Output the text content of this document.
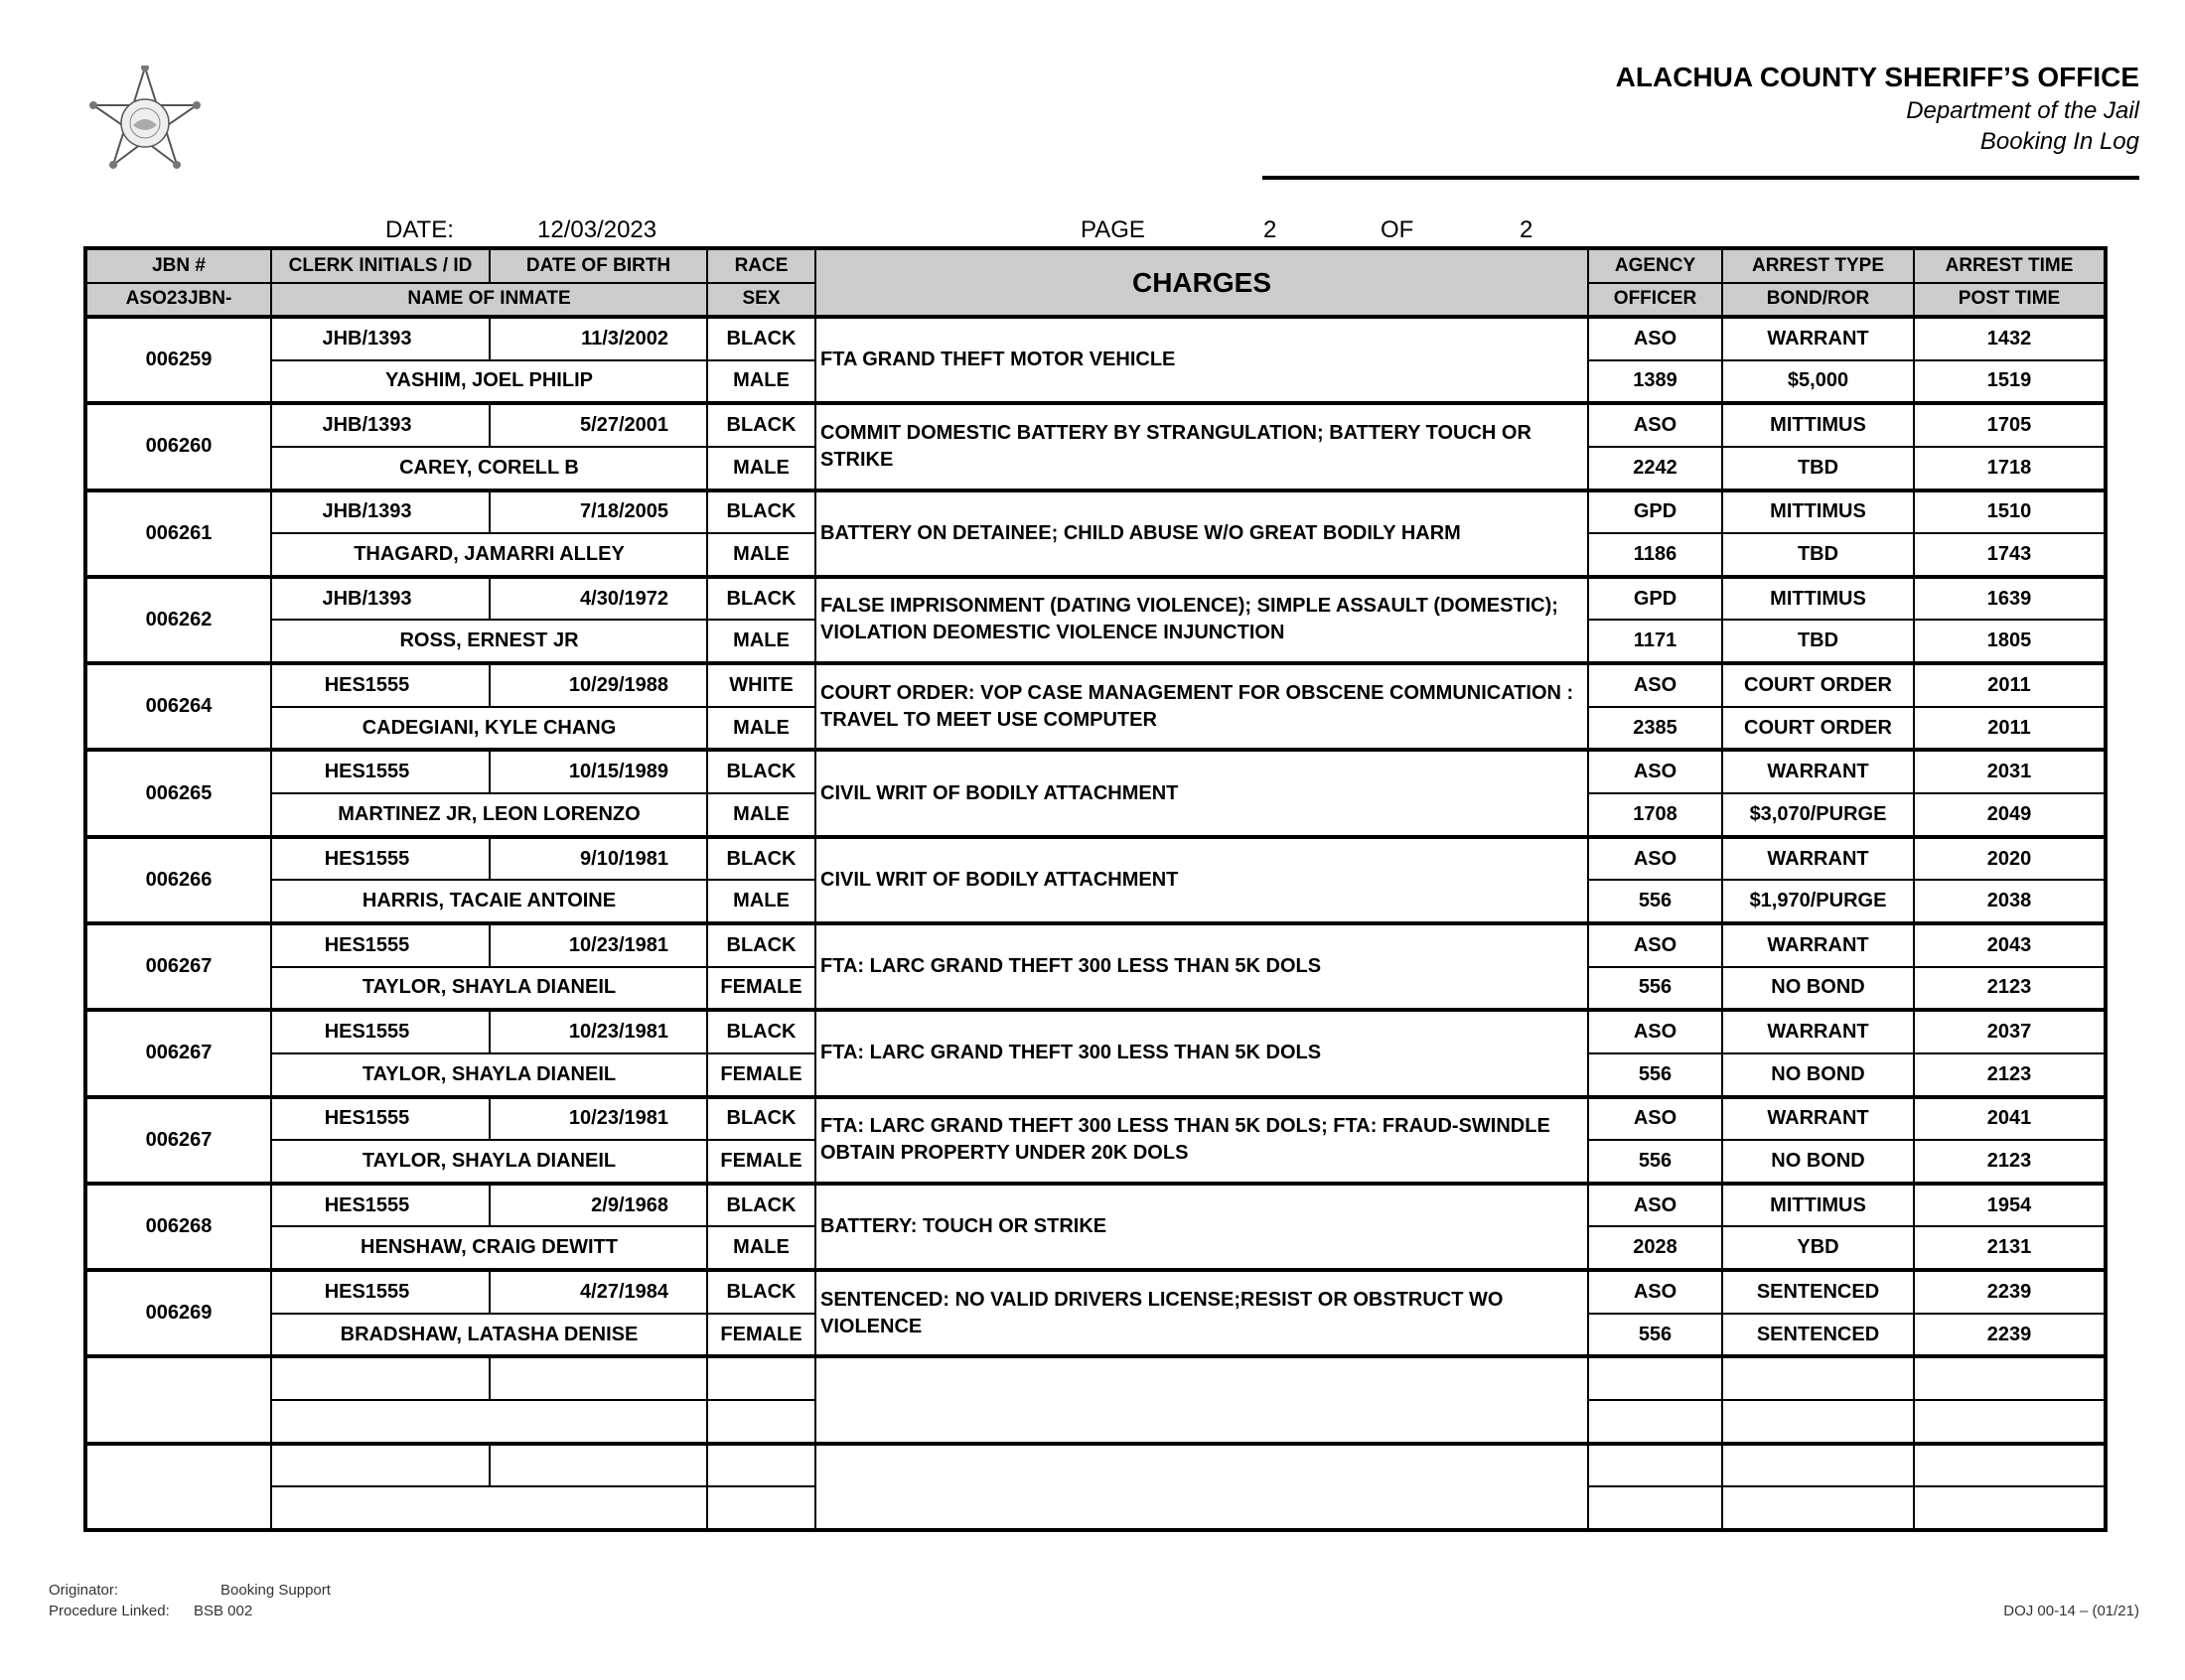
ALACHUA COUNTY SHERIFF’S OFFICE
Department of the Jail
Booking In Log
DATE:	12/03/2023	PAGE	2	OF	2
JBN #	CLERK INITIALS / ID	DATE OF BIRTH	RACE	CHARGES	AGENCY	ARREST TYPE	ARREST TIME
ASO23JBN-	NAME OF INMATE		SEX		OFFICER	BOND/ROR	POST TIME
006259	JHB/1393	11/3/2002	BLACK	FTA GRAND THEFT MOTOR VEHICLE	ASO	WARRANT	1432
	YASHIM, JOEL PHILIP		MALE		1389	$5,000	1519
006260	JHB/1393	5/27/2001	BLACK	COMMIT DOMESTIC BATTERY BY STRANGULATION; BATTERY TOUCH OR STRIKE	ASO	MITTIMUS	1705
	CAREY, CORELL B		MALE		2242	TBD	1718
006261	JHB/1393	7/18/2005	BLACK	BATTERY ON DETAINEE; CHILD ABUSE W/O GREAT BODILY HARM	GPD	MITTIMUS	1510
	THAGARD, JAMARRI ALLEY		MALE		1186	TBD	1743
006262	JHB/1393	4/30/1972	BLACK	FALSE IMPRISONMENT (DATING VIOLENCE); SIMPLE ASSAULT (DOMESTIC); VIOLATION DEOMESTIC VIOLENCE INJUNCTION	GPD	MITTIMUS	1639
	ROSS, ERNEST JR		MALE		1171	TBD	1805
006264	HES1555	10/29/1988	WHITE	COURT ORDER: VOP CASE MANAGEMENT FOR OBSCENE COMMUNICATION : TRAVEL TO MEET USE COMPUTER	ASO	COURT ORDER	2011
	CADEGIANI, KYLE CHANG		MALE		2385	COURT ORDER	2011
006265	HES1555	10/15/1989	BLACK	CIVIL WRIT OF BODILY ATTACHMENT	ASO	WARRANT	2031
	MARTINEZ JR, LEON LORENZO		MALE		1708	$3,070/PURGE	2049
006266	HES1555	9/10/1981	BLACK	CIVIL WRIT OF BODILY ATTACHMENT	ASO	WARRANT	2020
	HARRIS, TACAIE ANTOINE		MALE		556	$1,970/PURGE	2038
006267	HES1555	10/23/1981	BLACK	FTA: LARC GRAND THEFT 300 LESS THAN 5K DOLS	ASO	WARRANT	2043
	TAYLOR, SHAYLA DIANEIL		FEMALE		556	NO BOND	2123
006267	HES1555	10/23/1981	BLACK	FTA: LARC GRAND THEFT 300 LESS THAN 5K DOLS	ASO	WARRANT	2037
	TAYLOR, SHAYLA DIANEIL		FEMALE		556	NO BOND	2123
006267	HES1555	10/23/1981	BLACK	FTA: LARC GRAND THEFT 300 LESS THAN 5K DOLS; FTA: FRAUD-SWINDLE OBTAIN PROPERTY UNDER 20K DOLS	ASO	WARRANT	2041
	TAYLOR, SHAYLA DIANEIL		FEMALE		556	NO BOND	2123
006268	HES1555	2/9/1968	BLACK	BATTERY: TOUCH OR STRIKE	ASO	MITTIMUS	1954
	HENSHAW, CRAIG DEWITT		MALE		2028	YBD	2131
006269	HES1555	4/27/1984	BLACK	SENTENCED: NO VALID DRIVERS LICENSE;RESIST OR OBSTRUCT WO VIOLENCE	ASO	SENTENCED	2239
	BRADSHAW, LATASHA DENISE		FEMALE		556	SENTENCED	2239

Originator:	Booking Support
Procedure Linked: BSB 002	DOJ 00-14 – (01/21)
